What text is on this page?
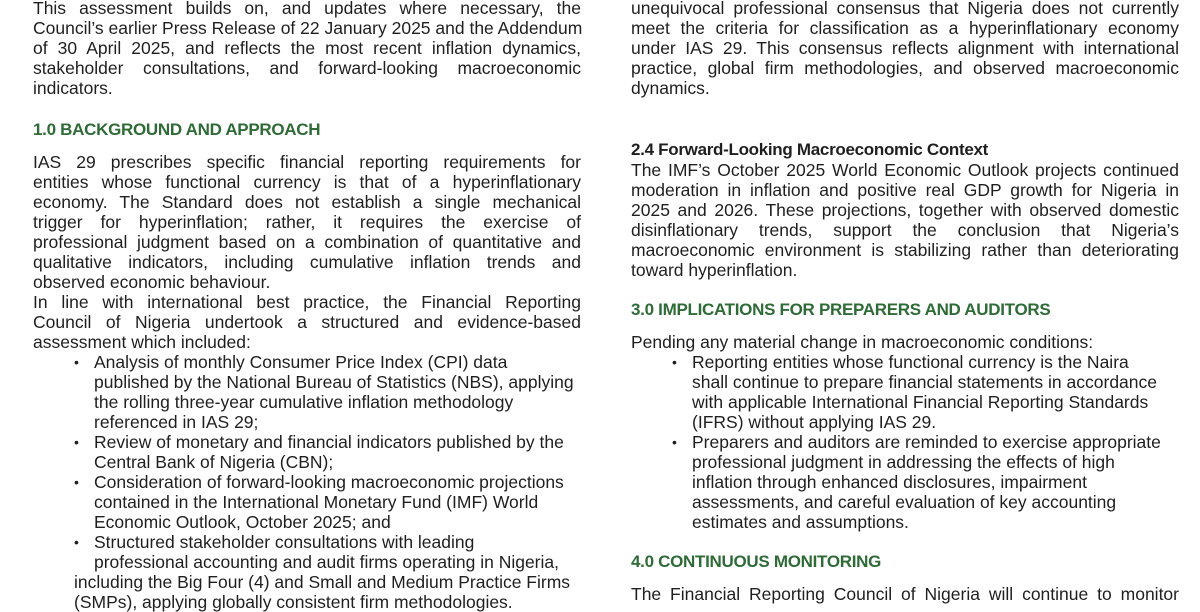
This assessment builds on, and updates where necessary, the
Council’s earlier Press Release of 22 January 2025 and the Addendum
of 30 April 2025, and reflects the most recent inflation dynamics,
stakeholder consultations, and forward-looking macroeconomic
indicators.
1.0 BACKGROUND AND APPROACH
IAS 29 prescribes specific financial reporting requirements for
entities whose functional currency is that of a hyperinflationary
economy. The Standard does not establish a single mechanical
trigger for hyperinflation; rather, it requires the exercise of
professional judgment based on a combination of quantitative and
qualitative indicators, including cumulative inflation trends and
observed economic behaviour.
In line with international best practice, the Financial Reporting
Council of Nigeria undertook a structured and evidence-based
assessment which included:
• Analysis of monthly Consumer Price Index (CPI) data
published by the National Bureau of Statistics (NBS), applying
the rolling three-year cumulative inflation methodology
referenced in IAS 29;
• Review of monetary and financial indicators published by the
Central Bank of Nigeria (CBN);
• Consideration of forward-looking macroeconomic projections
contained in the International Monetary Fund (IMF) World
Economic Outlook, October 2025; and
• Structured stakeholder consultations with leading
professional accounting and audit firms operating in Nigeria,
including the Big Four (4) and Small and Medium Practice Firms
(SMPs), applying globally consistent firm methodologies.
unequivocal professional consensus that Nigeria does not currently
meet the criteria for classification as a hyperinflationary economy
under IAS 29. This consensus reflects alignment with international
practice, global firm methodologies, and observed macroeconomic
dynamics.
2.4 Forward-Looking Macroeconomic Context
The IMF’s October 2025 World Economic Outlook projects continued
moderation in inflation and positive real GDP growth for Nigeria in
2025 and 2026. These projections, together with observed domestic
disinflationary trends, support the conclusion that Nigeria’s
macroeconomic environment is stabilizing rather than deteriorating
toward hyperinflation.
3.0 IMPLICATIONS FOR PREPARERS AND AUDITORS
Pending any material change in macroeconomic conditions:
• Reporting entities whose functional currency is the Naira
shall continue to prepare financial statements in accordance
with applicable International Financial Reporting Standards
(IFRS) without applying IAS 29.
• Preparers and auditors are reminded to exercise appropriate
professional judgment in addressing the effects of high
inflation through enhanced disclosures, impairment
assessments, and careful evaluation of key accounting
estimates and assumptions.
4.0 CONTINUOUS MONITORING
The Financial Reporting Council of Nigeria will continue to monitor
